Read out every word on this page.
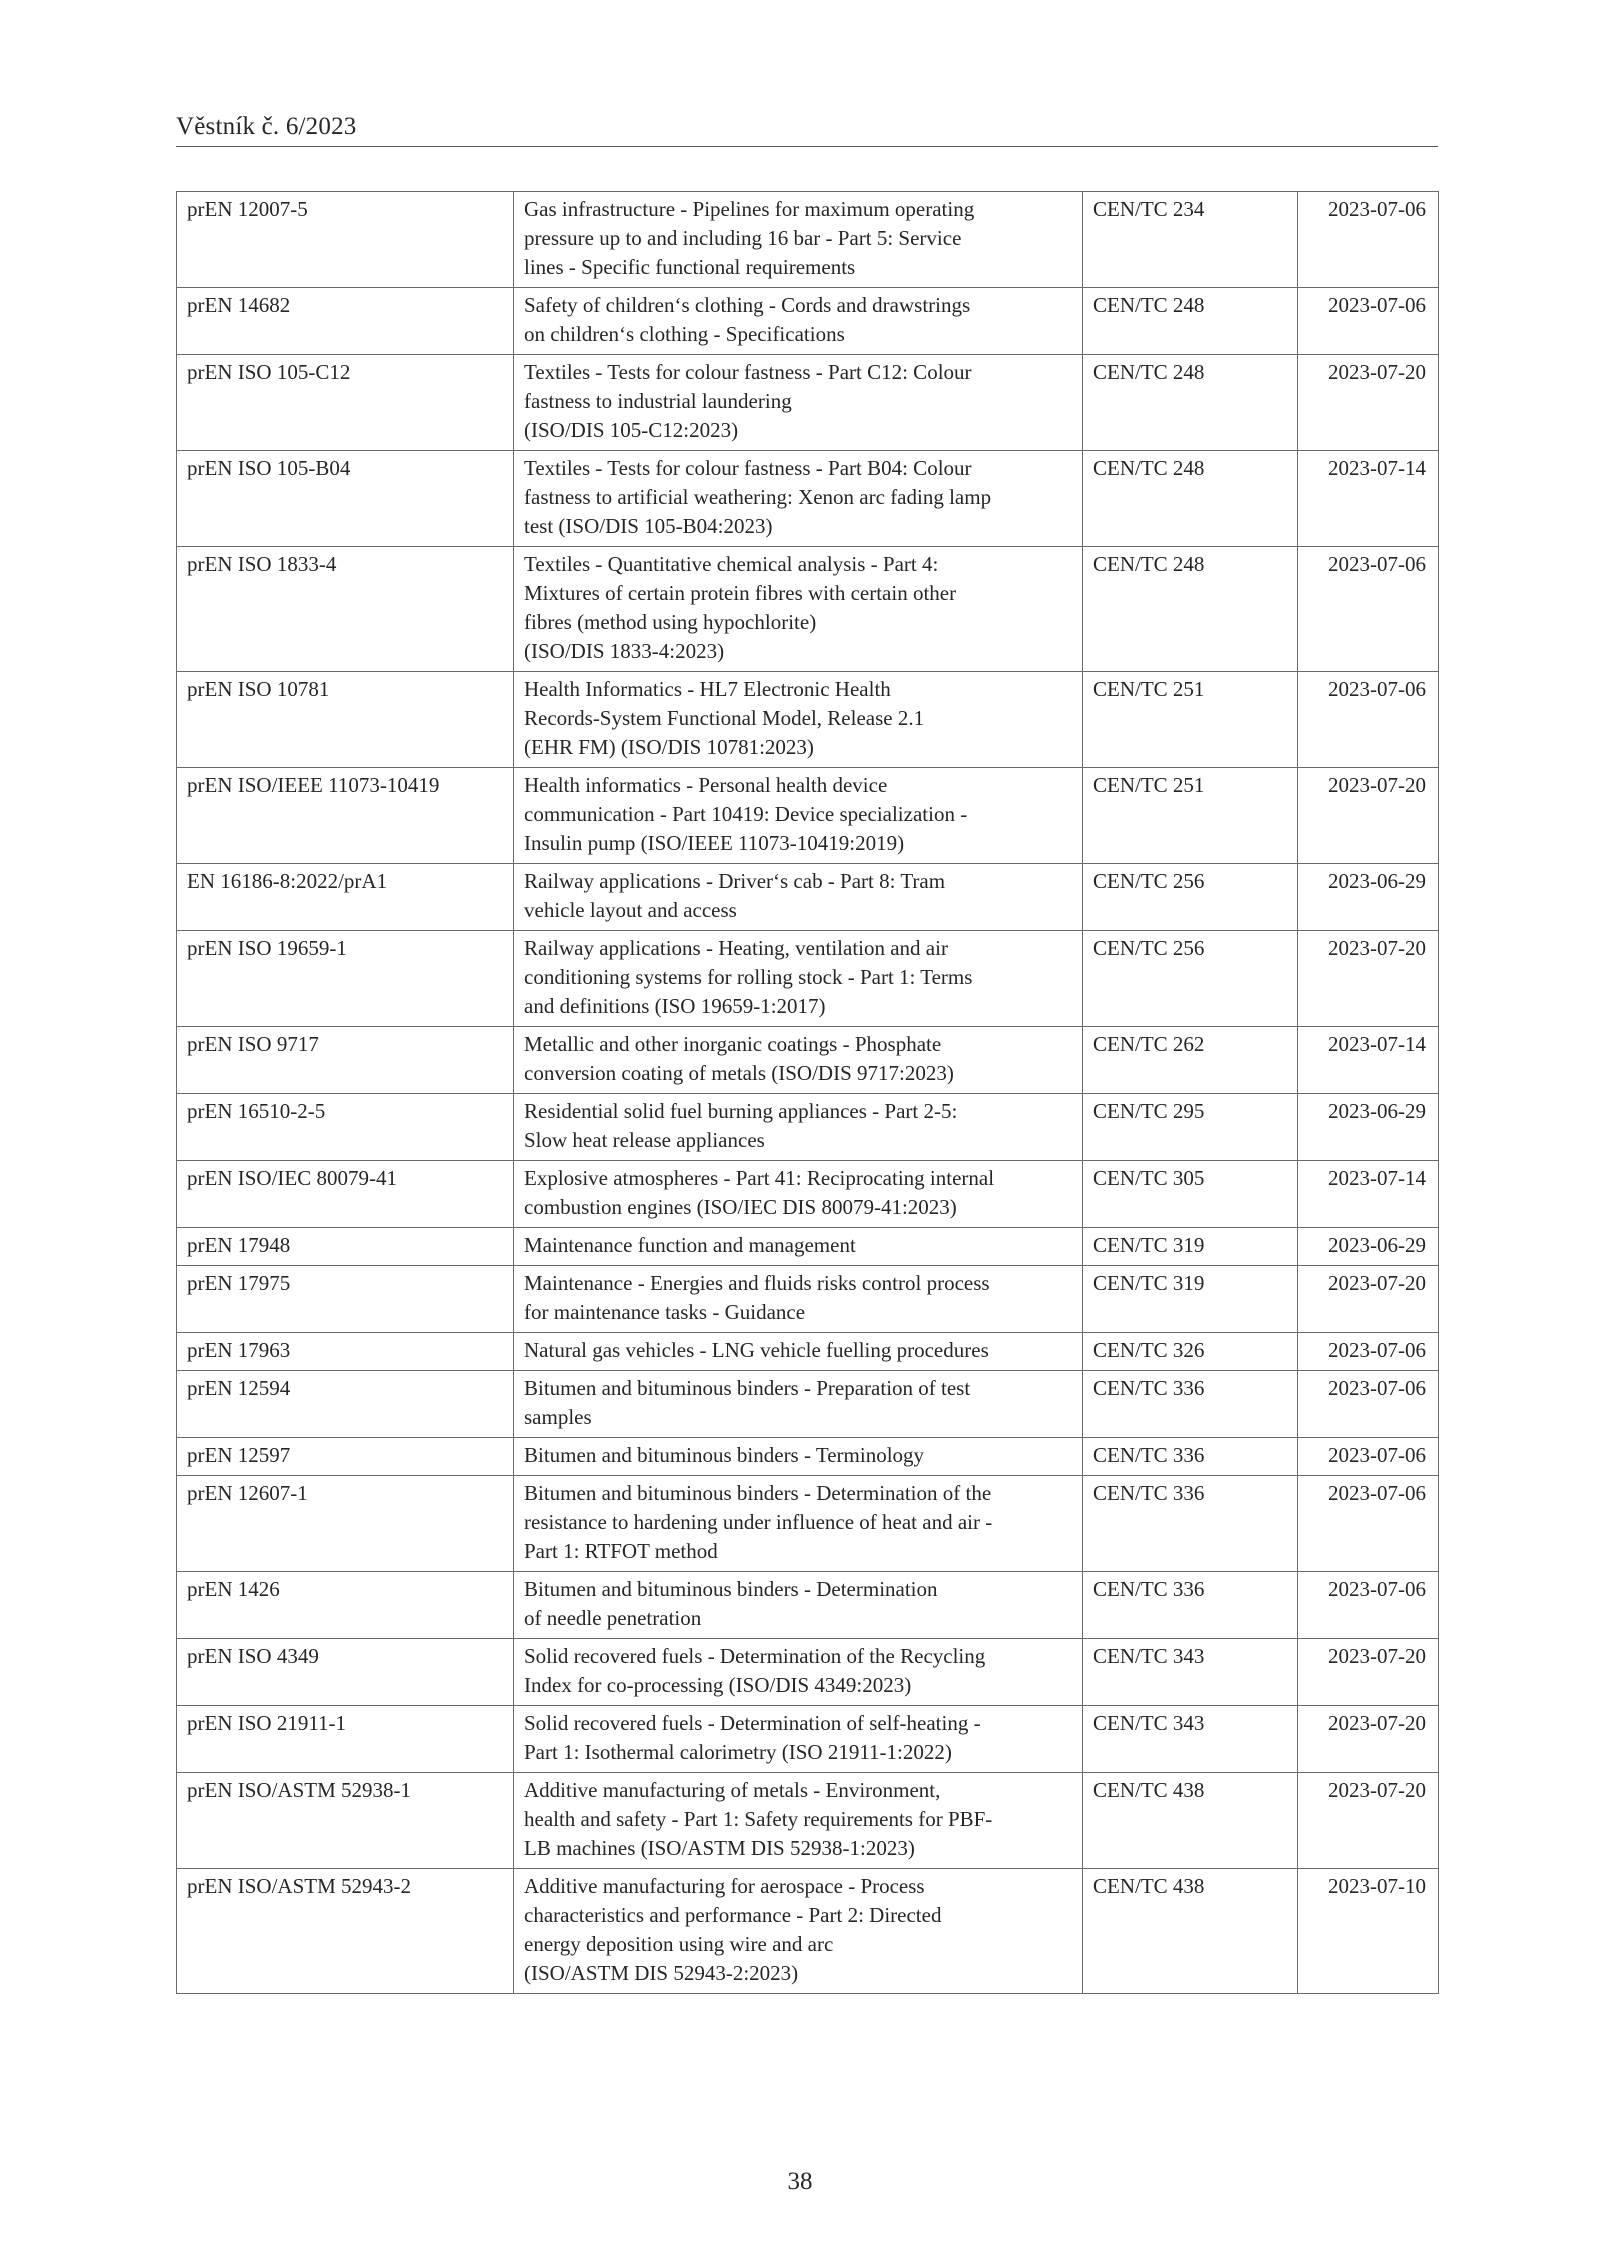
Věstník č. 6/2023
prEN 12007-5	Gas infrastructure - Pipelines for maximum operating
pressure up to and including 16 bar - Part 5: Service
lines - Specific functional requirements	CEN/TC 234	2023-07-06
prEN 14682	Safety of children‘s clothing - Cords and drawstrings
on children‘s clothing - Specifications	CEN/TC 248	2023-07-06
prEN ISO 105-C12	Textiles - Tests for colour fastness - Part C12: Colour
fastness to industrial laundering
(ISO/DIS 105-C12:2023)	CEN/TC 248	2023-07-20
prEN ISO 105-B04	Textiles - Tests for colour fastness - Part B04: Colour
fastness to artificial weathering: Xenon arc fading lamp
test (ISO/DIS 105-B04:2023)	CEN/TC 248	2023-07-14
prEN ISO 1833-4	Textiles - Quantitative chemical analysis - Part 4:
Mixtures of certain protein fibres with certain other
fibres (method using hypochlorite)
(ISO/DIS 1833-4:2023)	CEN/TC 248	2023-07-06
prEN ISO 10781	Health Informatics - HL7 Electronic Health
Records-System Functional Model, Release 2.1
(EHR FM) (ISO/DIS 10781:2023)	CEN/TC 251	2023-07-06
prEN ISO/IEEE 11073-10419	Health informatics - Personal health device
communication - Part 10419: Device specialization -
Insulin pump (ISO/IEEE 11073-10419:2019)	CEN/TC 251	2023-07-20
EN 16186-8:2022/prA1	Railway applications - Driver‘s cab - Part 8: Tram
vehicle layout and access	CEN/TC 256	2023-06-29
prEN ISO 19659-1	Railway applications - Heating, ventilation and air
conditioning systems for rolling stock - Part 1: Terms
and definitions (ISO 19659-1:2017)	CEN/TC 256	2023-07-20
prEN ISO 9717	Metallic and other inorganic coatings - Phosphate
conversion coating of metals (ISO/DIS 9717:2023)	CEN/TC 262	2023-07-14
prEN 16510-2-5	Residential solid fuel burning appliances - Part 2-5:
Slow heat release appliances	CEN/TC 295	2023-06-29
prEN ISO/IEC 80079-41	Explosive atmospheres - Part 41: Reciprocating internal
combustion engines (ISO/IEC DIS 80079-41:2023)	CEN/TC 305	2023-07-14
prEN 17948	Maintenance function and management	CEN/TC 319	2023-06-29
prEN 17975	Maintenance - Energies and fluids risks control process
for maintenance tasks - Guidance	CEN/TC 319	2023-07-20
prEN 17963	Natural gas vehicles - LNG vehicle fuelling procedures	CEN/TC 326	2023-07-06
prEN 12594	Bitumen and bituminous binders - Preparation of test
samples	CEN/TC 336	2023-07-06
prEN 12597	Bitumen and bituminous binders - Terminology	CEN/TC 336	2023-07-06
prEN 12607-1	Bitumen and bituminous binders - Determination of the
resistance to hardening under influence of heat and air -
Part 1: RTFOT method	CEN/TC 336	2023-07-06
prEN 1426	Bitumen and bituminous binders - Determination
of needle penetration	CEN/TC 336	2023-07-06
prEN ISO 4349	Solid recovered fuels - Determination of the Recycling
Index for co-processing (ISO/DIS 4349:2023)	CEN/TC 343	2023-07-20
prEN ISO 21911-1	Solid recovered fuels - Determination of self-heating -
Part 1: Isothermal calorimetry (ISO 21911-1:2022)	CEN/TC 343	2023-07-20
prEN ISO/ASTM 52938-1	Additive manufacturing of metals - Environment,
health and safety - Part 1: Safety requirements for PBF-
LB machines (ISO/ASTM DIS 52938-1:2023)	CEN/TC 438	2023-07-20
prEN ISO/ASTM 52943-2	Additive manufacturing for aerospace - Process
characteristics and performance - Part 2: Directed
energy deposition using wire and arc
(ISO/ASTM DIS 52943-2:2023)	CEN/TC 438	2023-07-10
38
